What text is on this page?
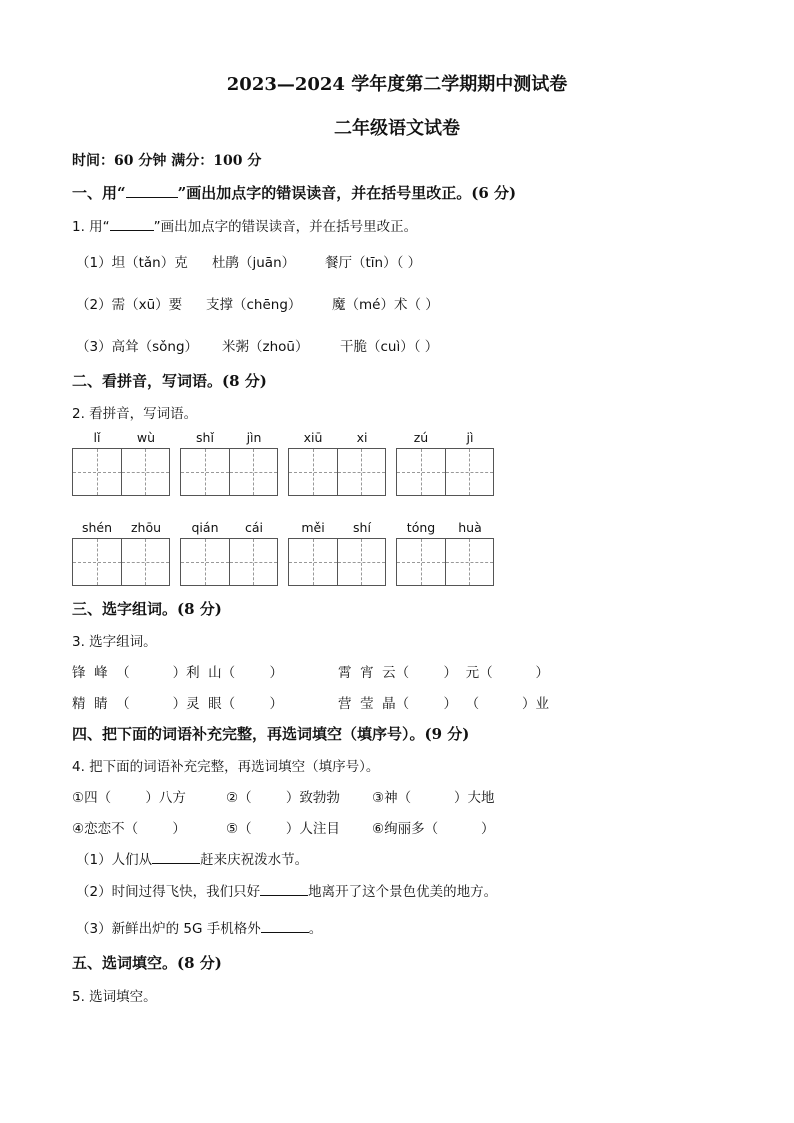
2023—2024 学年度第二学期期中测试卷
二年级语文试卷
时间：60 分钟 满分：100 分
一、用“	”画出加点字的错误读音，并在括号里改正。(6 分)
1. 用“	”画出加点字的错误读音，并在括号里改正。
（1）坦（tǎn）克 杜鹃（juān） 餐厅（tīn）（ ）
（2）需（xū）要 支撑（chēng） 魔（mé）术（ ）
（3）高耸（sǒng） 米粥（zhoū） 干脆（cuì）（ ）
二、看拼音，写词语。(8 分)
2. 看拼音，写词语。
lǐ	wù	shǐ	jìn	xiū	xi	zú	jì
shén	zhōu	qián	cái	měi	shí	tóng	huà
三、选字组词。(8 分)
3. 选字组词。
锋  峰  （          ）利  山（        ）	霄  宵  云（        ）  元（          ）
精  睛  （          ）灵  眼（        ）	营  莹  晶（        ）  （          ）业
四、把下面的词语补充完整，再选词填空（填序号）。(9 分)
4. 把下面的词语补充完整，再选词填空（填序号）。
①四（        ）八方	②（        ）致勃勃 ③神（          ）大地
④恋恋不（        ）	⑤（        ）人注目 ⑥绚丽多（          ）
（1）人们从	赶来庆祝泼水节。
（2）时间过得飞快，我们只好	地离开了这个景色优美的地方。
（3）新鲜出炉的 5G 手机格外	。
五、选词填空。(8 分)
5. 选词填空。
